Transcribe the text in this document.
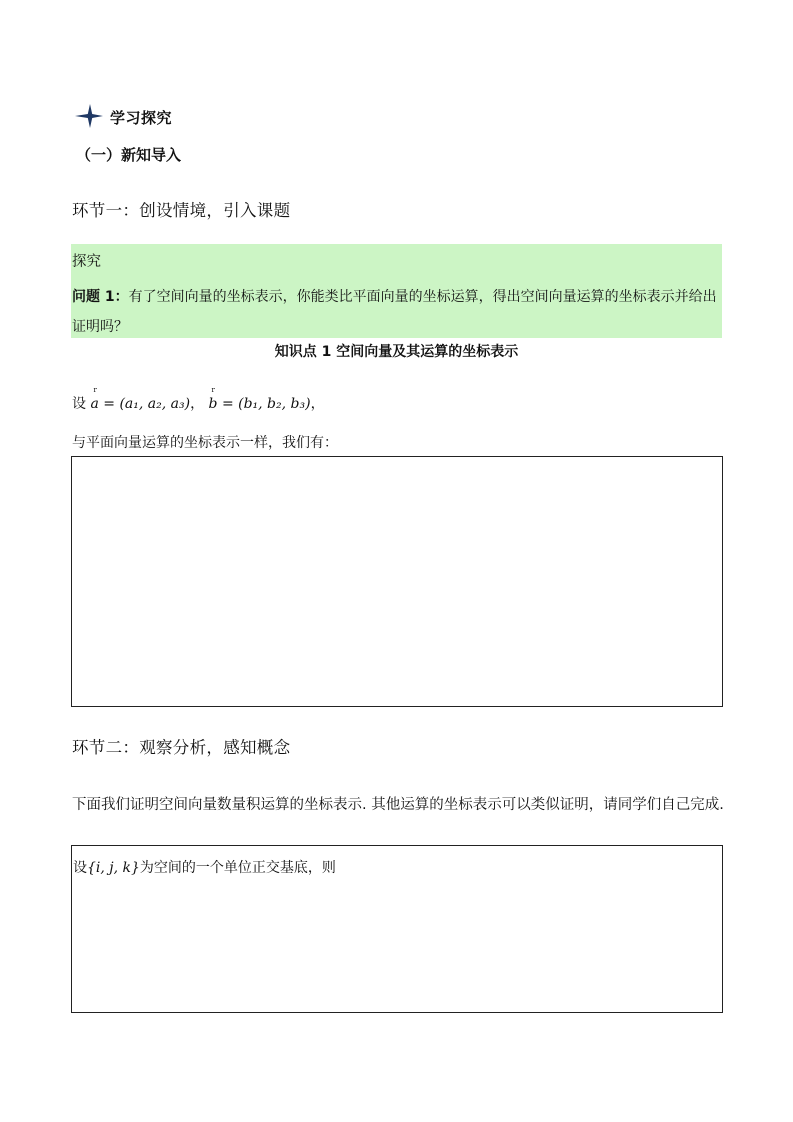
学习探究
（一）新知导入
环节一：创设情境，引入课题
探究
问题 1：有了空间向量的坐标表示，你能类比平面向量的坐标运算，得出空间向量运算的坐标表示并给出证明吗？
知识点 1 空间向量及其运算的坐标表示
设
r
a = (a₁, a₂, a₃)，
r
b = (b₁, b₂, b₃)，
与平面向量运算的坐标表示一样，我们有：
环节二：观察分析，感知概念
下面我们证明空间向量数量积运算的坐标表示. 其他运算的坐标表示可以类似证明，请同学们自己完成.
设{i, j, k}为空间的一个单位正交基底，则
